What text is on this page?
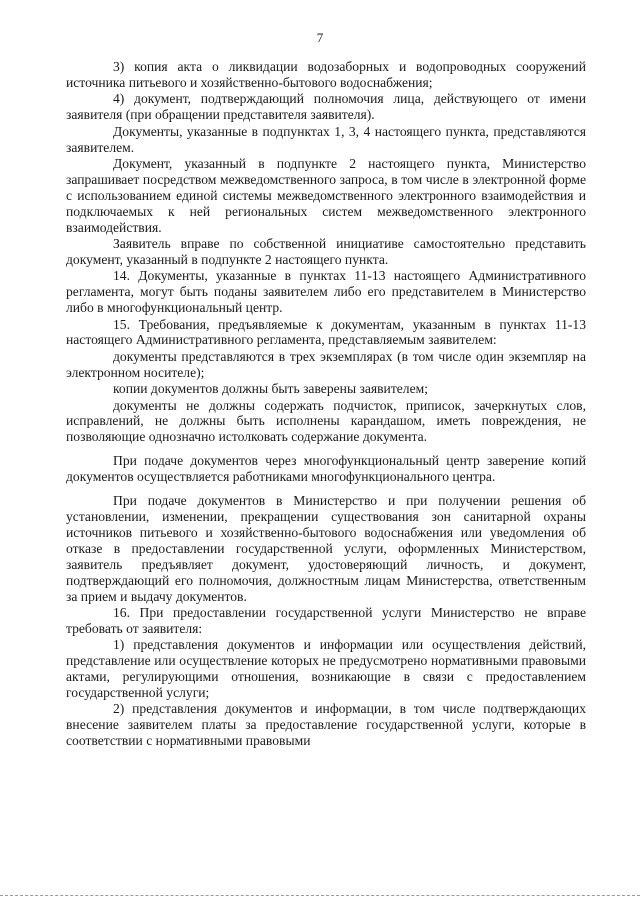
7

3) копия акта о ликвидации водозаборных и водопроводных сооружений источника питьевого и хозяйственно-бытового водоснабжения;

4) документ, подтверждающий полномочия лица, действующего от имени заявителя (при обращении представителя заявителя).

Документы, указанные в подпунктах 1, 3, 4 настоящего пункта, представляются заявителем.

Документ, указанный в подпункте 2 настоящего пункта, Министерство запрашивает посредством межведомственного запроса, в том числе в электронной форме с использованием единой системы межведомственного электронного взаимодействия и подключаемых к ней региональных систем межведомственного электронного взаимодействия.

Заявитель вправе по собственной инициативе самостоятельно представить документ, указанный в подпункте 2 настоящего пункта.

14. Документы, указанные в пунктах 11-13 настоящего Административного регламента, могут быть поданы заявителем либо его представителем в Министерство либо в многофункциональный центр.

15. Требования, предъявляемые к документам, указанным в пунктах 11-13 настоящего Административного регламента, представляемым заявителем:

документы представляются в трех экземплярах (в том числе один экземпляр на электронном носителе);

копии документов должны быть заверены заявителем;

документы не должны содержать подчисток, приписок, зачеркнутых слов, исправлений, не должны быть исполнены карандашом, иметь повреждения, не позволяющие однозначно истолковать содержание документа.

При подаче документов через многофункциональный центр заверение копий документов осуществляется работниками многофункционального центра.

При подаче документов в Министерство и при получении решения об установлении, изменении, прекращении существования зон санитарной охраны источников питьевого и хозяйственно-бытового водоснабжения или уведомления об отказе в предоставлении государственной услуги, оформленных Министерством, заявитель предъявляет документ, удостоверяющий личность, и документ, подтверждающий его полномочия, должностным лицам Министерства, ответственным за прием и выдачу документов.

16. При предоставлении государственной услуги Министерство не вправе требовать от заявителя:

1) представления документов и информации или осуществления действий, представление или осуществление которых не предусмотрено нормативными правовыми актами, регулирующими отношения, возникающие в связи с предоставлением государственной услуги;

2) представления документов и информации, в том числе подтверждающих внесение заявителем платы за предоставление государственной услуги, которые в соответствии с нормативными правовыми
